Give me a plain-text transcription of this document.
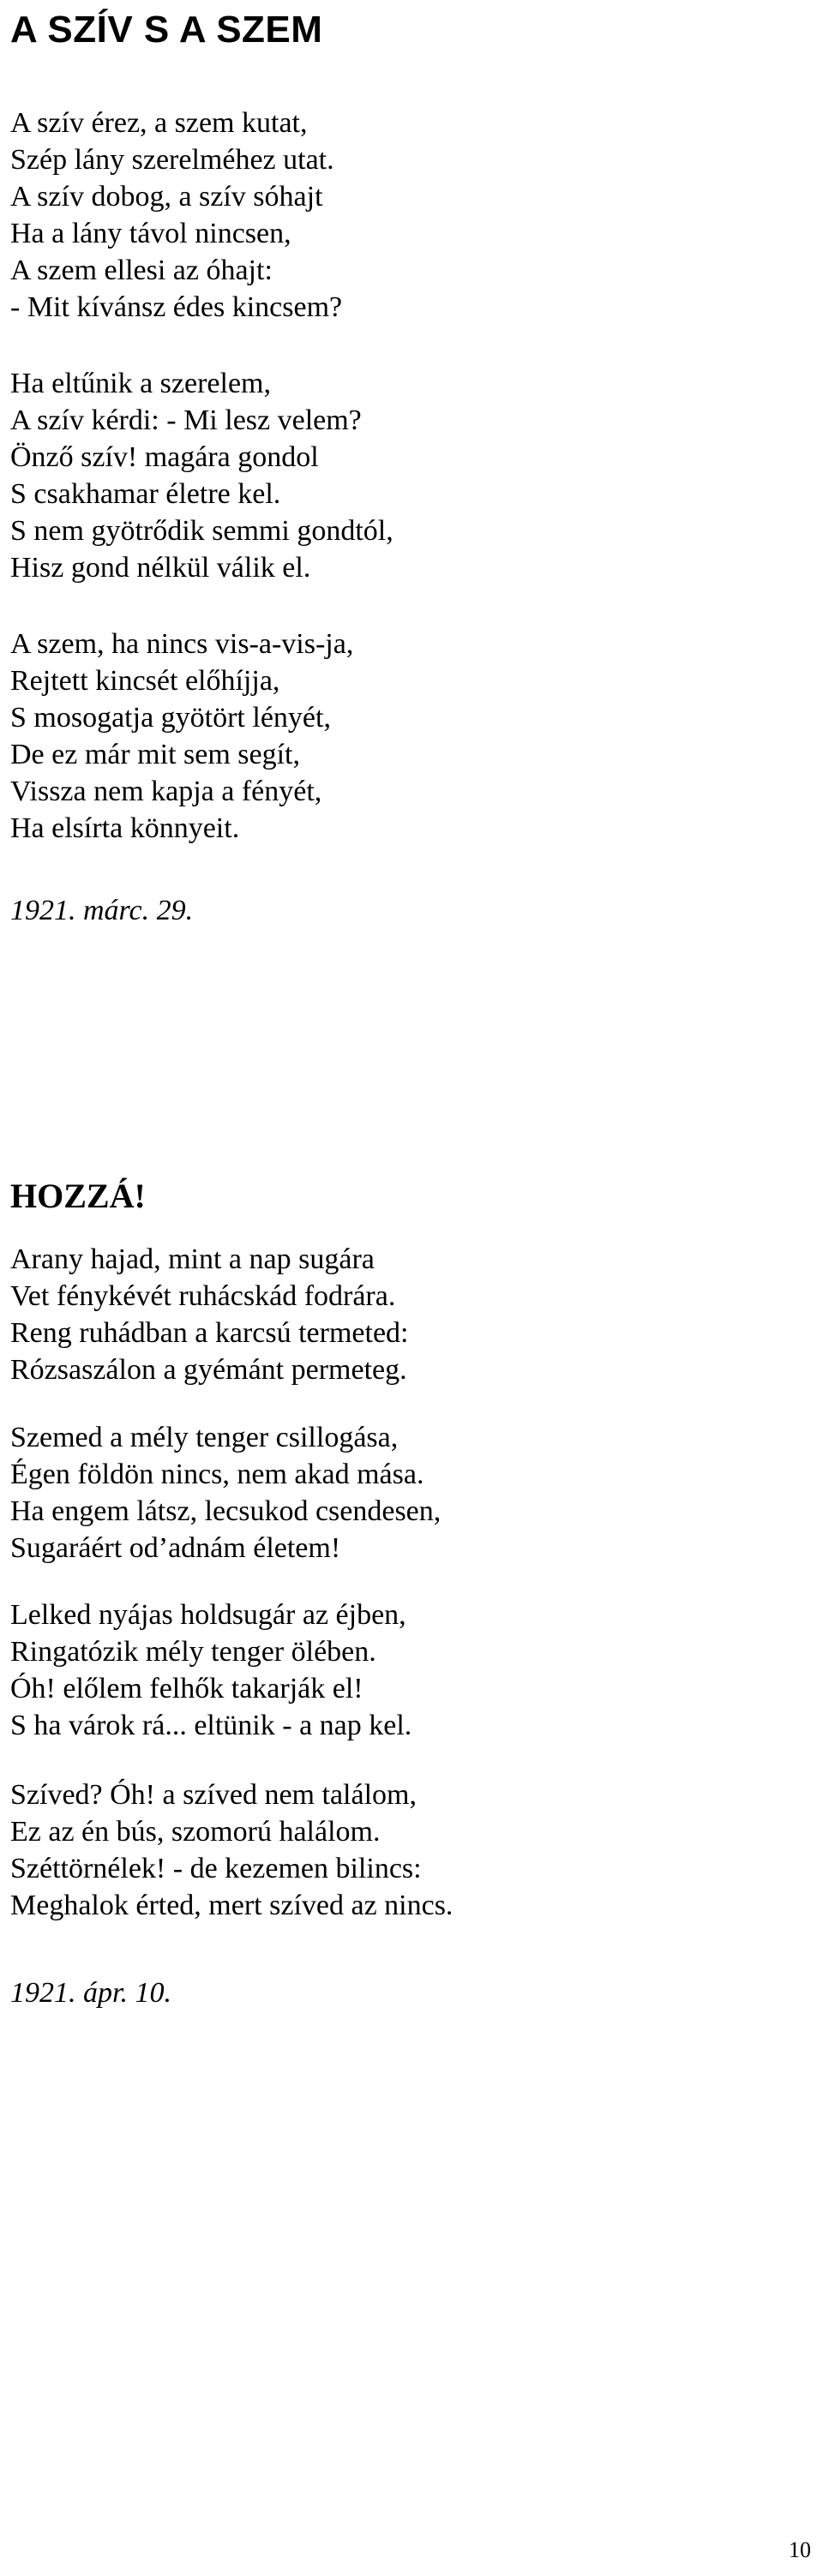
A SZÍV S A SZEM
A szív érez, a szem kutat,
Szép lány szerelméhez utat.
A szív dobog, a szív sóhajt
Ha a lány távol nincsen,
A szem ellesi az óhajt:
- Mit kívánsz édes kincsem?
Ha eltűnik a szerelem,
A szív kérdi: - Mi lesz velem?
Önző szív! magára gondol
S csakhamar életre kel.
S nem gyötrődik semmi gondtól,
Hisz gond nélkül válik el.
A szem, ha nincs vis-a-vis-ja,
Rejtett kincsét előhíjja,
S mosogatja gyötört lényét,
De ez már mit sem segít,
Vissza nem kapja a fényét,
Ha elsírta könnyeit.

1921. márc. 29.

HOZZÁ!
Arany hajad, mint a nap sugára
Vet fénykévét ruhácskád fodrára.
Reng ruhádban a karcsú termeted:
Rózsaszálon a gyémánt permeteg.
Szemed a mély tenger csillogása,
Égen földön nincs, nem akad mása.
Ha engem látsz, lecsukod csendesen,
Sugaráért od’adnám életem!
Lelked nyájas holdsugár az éjben,
Ringatózik mély tenger ölében.
Óh! előlem felhők takarják el!
S ha várok rá... eltünik - a nap kel.
Szíved? Óh! a szíved nem találom,
Ez az én bús, szomorú halálom.
Széttörnélek! - de kezemen bilincs:
Meghalok érted, mert szíved az nincs.

1921. ápr. 10.

10
